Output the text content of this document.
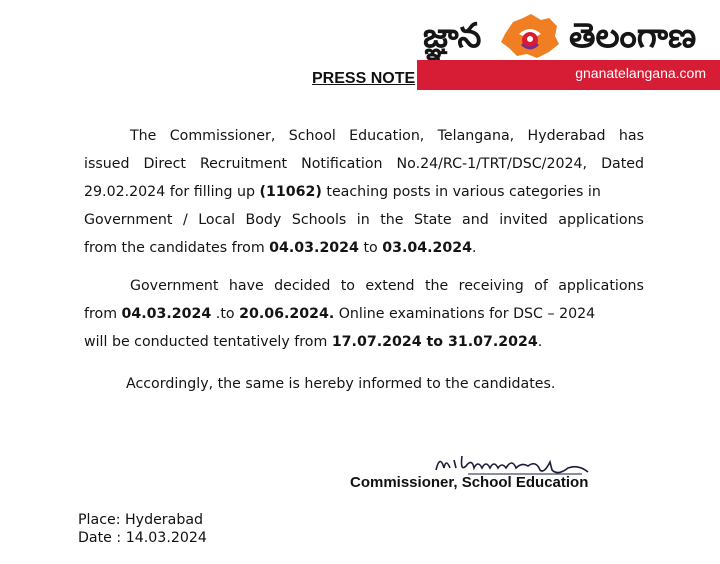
జ్ఞాన	తెలంగాణ
gnanatelangana.com
PRESS NOTE
The Commissioner, School Education, Telangana, Hyderabad has
issued Direct Recruitment Notification No.24/RC-1/TRT/DSC/2024, Dated
29.02.2024 for filling up (11062) teaching posts in various categories in
Government / Local Body Schools in the State and invited applications
from the candidates from 04.03.2024 to 03.04.2024.
Government have decided to extend the receiving of applications
from 04.03.2024 .to 20.06.2024. Online examinations for DSC – 2024
will be conducted tentatively from 17.07.2024 to 31.07.2024.
Accordingly, the same is hereby informed to the candidates.
Commissioner, School Education
Place: Hyderabad
Date : 14.03.2024
